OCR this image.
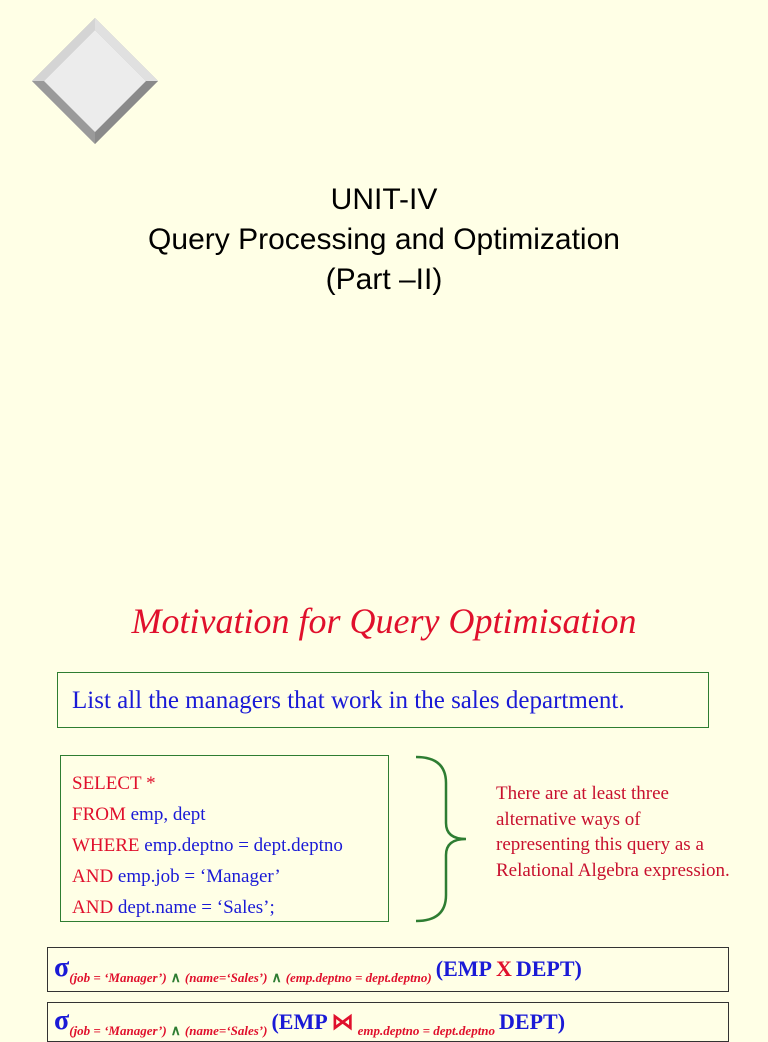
UNIT-IV
Query Processing and Optimization
(Part –II)
Motivation for Query Optimisation
List all the managers that work in the sales department.
SELECT *
FROM emp, dept
WHERE emp.deptno = dept.deptno
AND emp.job = ‘Manager’
AND dept.name = ‘Sales’;
There are at least three alternative ways of representing this query as a Relational Algebra expression.
$\sigma_{(job = ‘Manager’)}$ ∧ $_{(name=‘Sales’)}$ ∧ $_{(emp.deptno = dept.deptno)}$ (EMP X DEPT)
$\sigma_{(job = ‘Manager’)}$ ∧ $_{(name=‘Sales’)}$ (EMP ⋈ $_{emp.deptno = dept.deptno}$ DEPT)
